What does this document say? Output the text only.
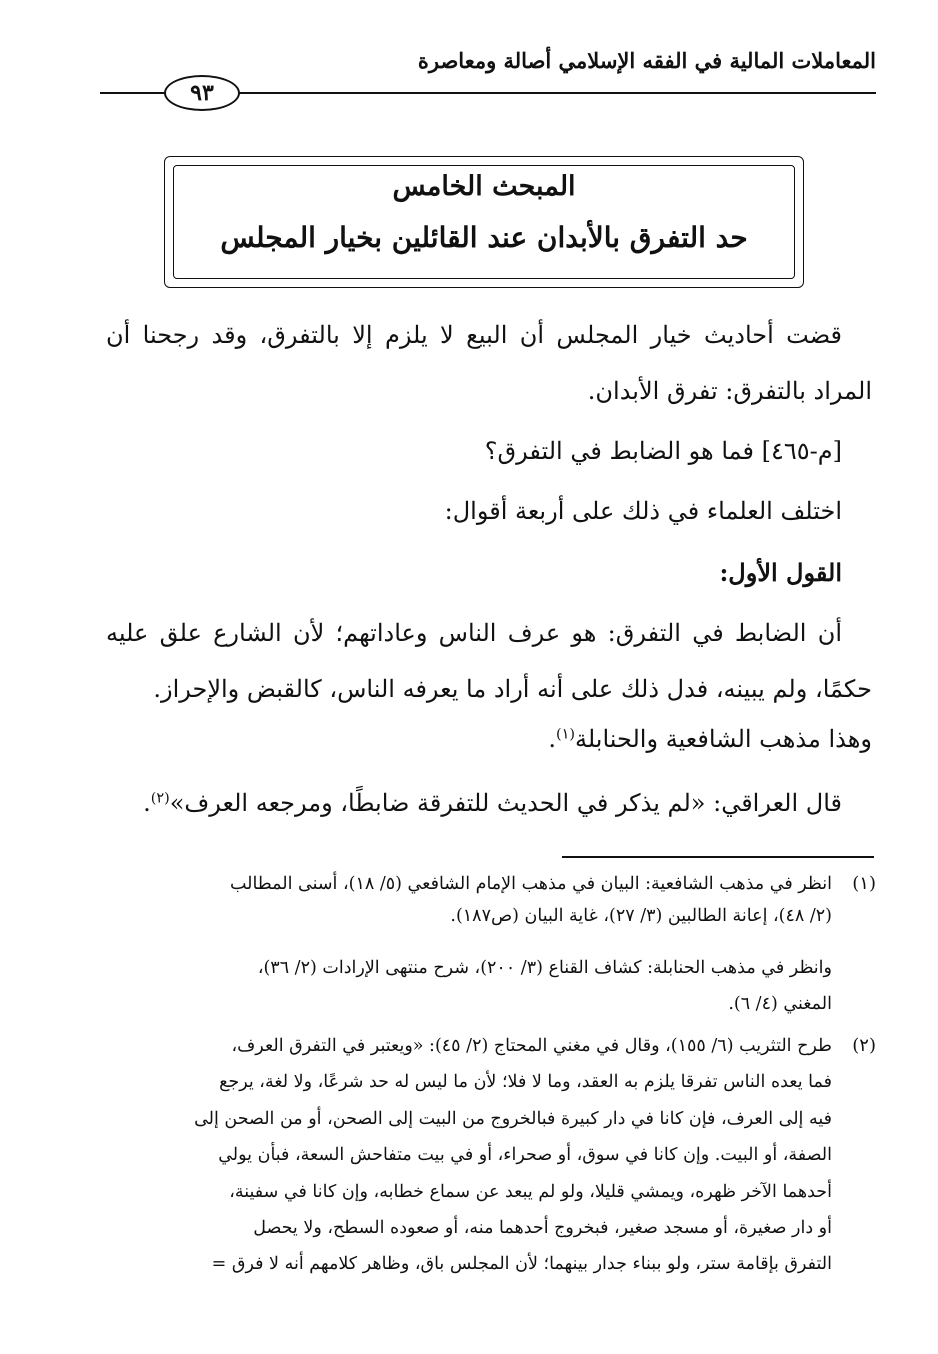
المعاملات المالية في الفقه الإسلامي أصالة ومعاصرة
٩٣
المبحث الخامس
حد التفرق بالأبدان عند القائلين بخيار المجلس
قضت أحاديث خيار المجلس أن البيع لا يلزم إلا بالتفرق، وقد رجحنا أن
المراد بالتفرق: تفرق الأبدان.
[م-٤٦٥] فما هو الضابط في التفرق؟
اختلف العلماء في ذلك على أربعة أقوال:
القول الأول:
أن الضابط في التفرق: هو عرف الناس وعاداتهم؛ لأن الشارع علق عليه
حكمًا، ولم يبينه، فدل ذلك على أنه أراد ما يعرفه الناس، كالقبض والإحراز.
وهذا مذهب الشافعية والحنابلة$^{(١)}$.
قال العراقي: «لم يذكر في الحديث للتفرقة ضابطًا، ومرجعه العرف»$^{(٢)}$.
(١)
انظر في مذهب الشافعية: البيان في مذهب الإمام الشافعي (٥/ ١٨)، أسنى المطالب
(٢/ ٤٨)، إعانة الطالبين (٣/ ٢٧)، غاية البيان (ص١٨٧).
وانظر في مذهب الحنابلة: كشاف القناع (٣/ ٢٠٠)، شرح منتهى الإرادات (٢/ ٣٦)،
المغني (٤/ ٦).
(٢)
طرح التثريب (٦/ ١٥٥)، وقال في مغني المحتاج (٢/ ٤٥): «ويعتبر في التفرق العرف،
فما يعده الناس تفرقا يلزم به العقد، وما لا فلا؛ لأن ما ليس له حد شرعًا، ولا لغة، يرجع
فيه إلى العرف، فإن كانا في دار كبيرة فبالخروج من البيت إلى الصحن، أو من الصحن إلى
الصفة، أو البيت. وإن كانا في سوق، أو صحراء، أو في بيت متفاحش السعة، فبأن يولي
أحدهما الآخر ظهره، ويمشي قليلا، ولو لم يبعد عن سماع خطابه، وإن كانا في سفينة،
أو دار صغيرة، أو مسجد صغير، فبخروج أحدهما منه، أو صعوده السطح، ولا يحصل
التفرق بإقامة ستر، ولو ببناء جدار بينهما؛ لأن المجلس باق، وظاهر كلامهم أنه لا فرق =
